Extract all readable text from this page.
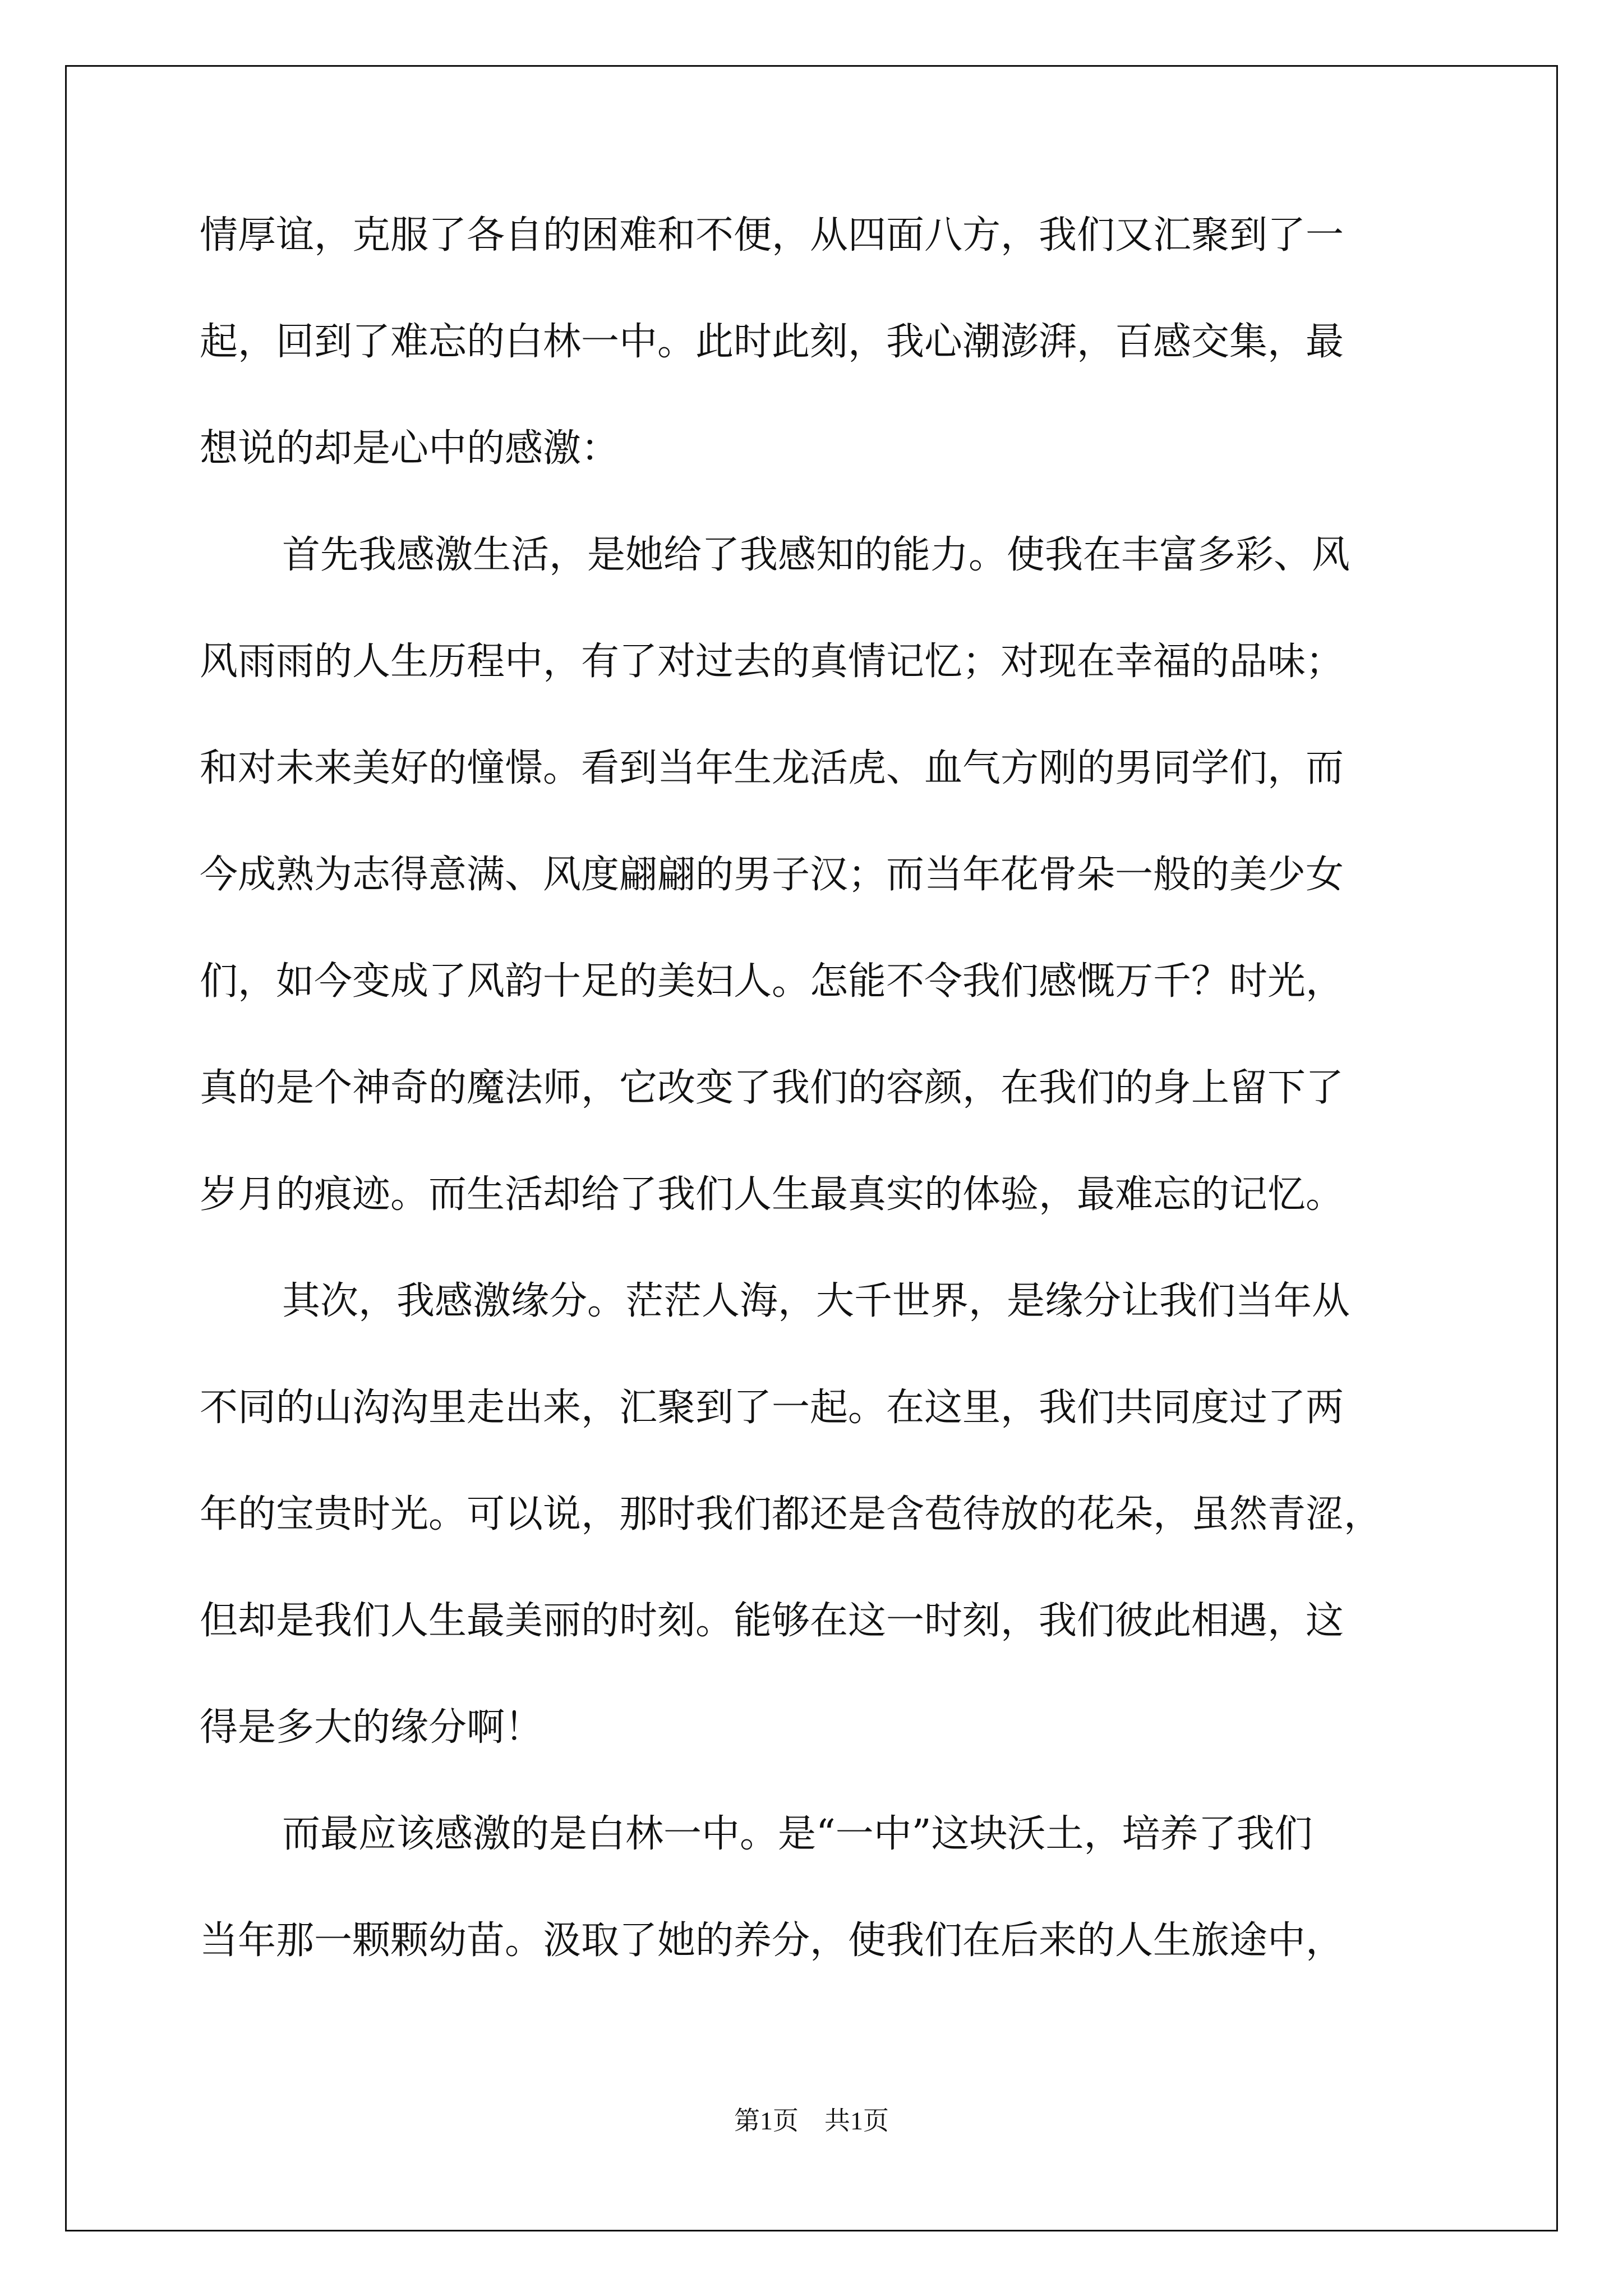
情厚谊，克服了各自的困难和不便，从四面八方，我们又汇聚到了一
起，回到了难忘的白林一中。此时此刻，我心潮澎湃，百感交集，最
想说的却是心中的感激：
首先我感激生活，是她给了我感知的能力。使我在丰富多彩、风
风雨雨的人生历程中，有了对过去的真情记忆；对现在幸福的品味；
和对未来美好的憧憬。看到当年生龙活虎、血气方刚的男同学们，而
今成熟为志得意满、风度翩翩的男子汉；而当年花骨朵一般的美少女
们，如今变成了风韵十足的美妇人。怎能不令我们感慨万千？时光，
真的是个神奇的魔法师，它改变了我们的容颜，在我们的身上留下了
岁月的痕迹。而生活却给了我们人生最真实的体验，最难忘的记忆。
其次，我感激缘分。茫茫人海，大千世界，是缘分让我们当年从
不同的山沟沟里走出来，汇聚到了一起。在这里，我们共同度过了两
年的宝贵时光。可以说，那时我们都还是含苞待放的花朵，虽然青涩，
但却是我们人生最美丽的时刻。能够在这一时刻，我们彼此相遇，这
得是多大的缘分啊！
而最应该感激的是白林一中。是“一中”这块沃土，培养了我们
当年那一颗颗幼苗。汲取了她的养分，使我们在后来的人生旅途中，
第1页　共1页
